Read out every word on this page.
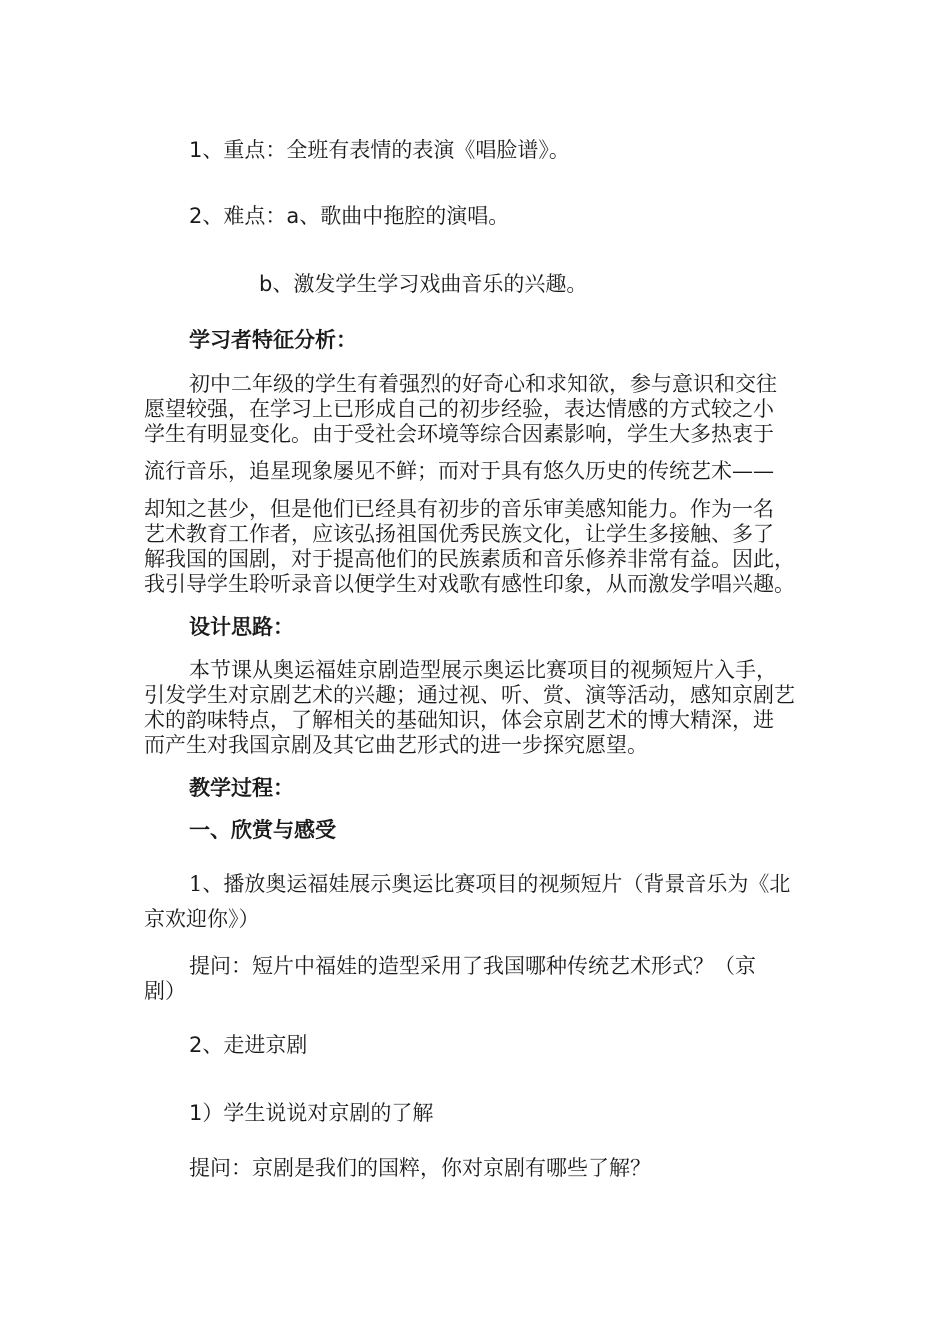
1、重点：全班有表情的表演《唱脸谱》。
2、难点：a、歌曲中拖腔的演唱。
b、激发学生学习戏曲音乐的兴趣。
学习者特征分析：
初中二年级的学生有着强烈的好奇心和求知欲，参与意识和交往
愿望较强，在学习上已形成自己的初步经验，表达情感的方式较之小
学生有明显变化。由于受社会环境等综合因素影响，学生大多热衷于
流行音乐，追星现象屡见不鲜；而对于具有悠久历史的传统艺术——
却知之甚少，但是他们已经具有初步的音乐审美感知能力。作为一名
艺术教育工作者，应该弘扬祖国优秀民族文化，让学生多接触、多了
解我国的国剧，对于提高他们的民族素质和音乐修养非常有益。因此，
我引导学生聆听录音以便学生对戏歌有感性印象，从而激发学唱兴趣。
设计思路：
本节课从奥运福娃京剧造型展示奥运比赛项目的视频短片入手，
引发学生对京剧艺术的兴趣；通过视、听、赏、演等活动，感知京剧艺
术的韵味特点，了解相关的基础知识，体会京剧艺术的博大精深，进
而产生对我国京剧及其它曲艺形式的进一步探究愿望。
教学过程：
一、欣赏与感受
1、播放奥运福娃展示奥运比赛项目的视频短片（背景音乐为《北
京欢迎你》）
提问：短片中福娃的造型采用了我国哪种传统艺术形式？（京
剧）
2、走进京剧
1）学生说说对京剧的了解
提问：京剧是我们的国粹，你对京剧有哪些了解？
